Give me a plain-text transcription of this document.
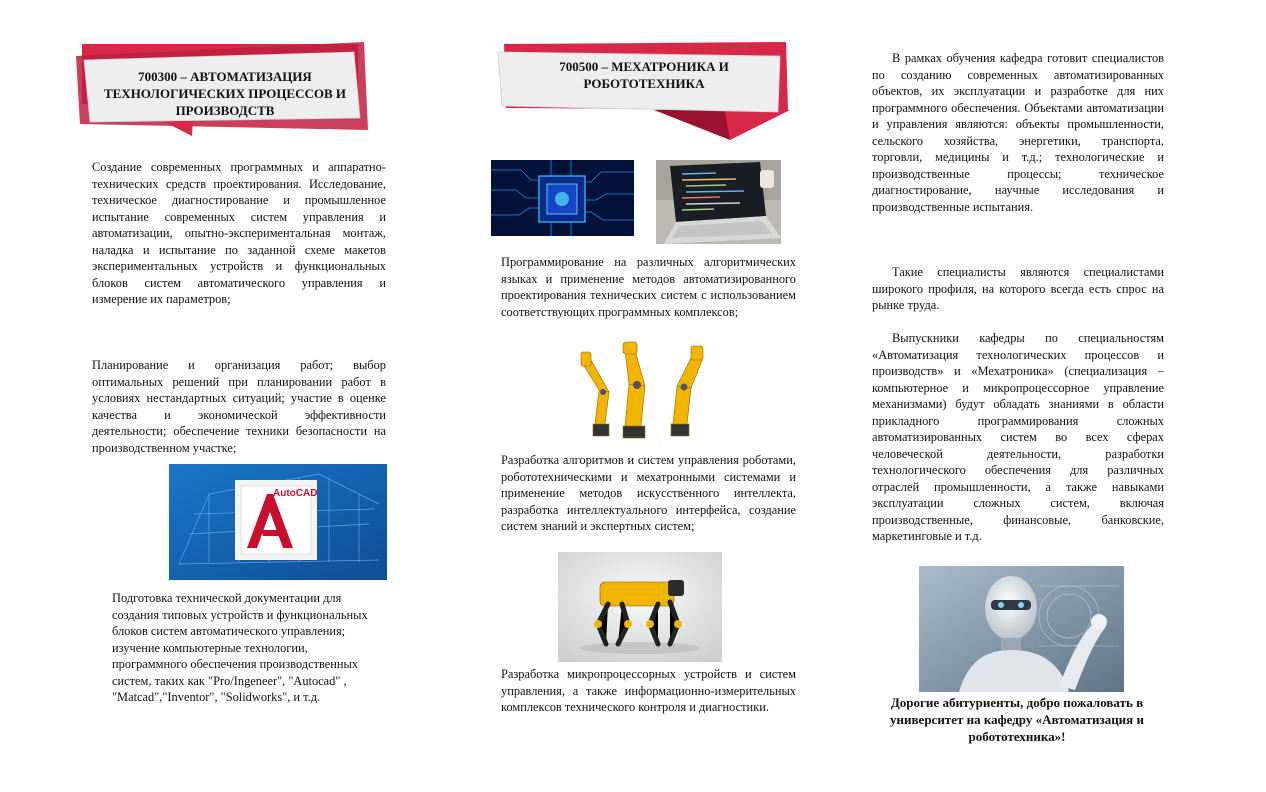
700300 – АВТОМАТИЗАЦИЯ ТЕХНОЛОГИЧЕСКИХ ПРОЦЕССОВ И ПРОИЗВОДСТВ

Создание современных программных и аппаратно-технических средств проектирования. Исследование, техническое диагностирование и промышленное испытание современных систем управления и автоматизации, опытно-экспериментальная монтаж, наладка и испытание по заданной схеме макетов экспериментальных устройств и функциональных блоков систем автоматического управления и измерение их параметров;

Планирование и организация работ; выбор оптимальных решений при планировании работ в условиях нестандартных ситуаций; участие в оценке качества и экономической эффективности деятельности; обеспечение техники безопасности на производственном участке;

AutoCAD

Подготовка технической документации для создания типовых устройств и функциональных блоков систем автоматического управления; изучение компьютерные технологии, программного обеспечения производственных систем, таких как "Pro/Ingeneer", "Autocad" , "Matcad","Inventor", "Solidworks", и т.д.

700500 – МЕХАТРОНИКА И РОБОТОТЕХНИКА

Программирование на различных алгоритмических языках и применение методов автоматизированного проектирования технических систем с использованием соответствующих программных комплексов;

Разработка алгоритмов и систем управления роботами, робототехническими и мехатронными системами и применение методов искусственного интеллекта, разработка интеллектуального интерфейса, создание систем знаний и экспертных систем;

Разработка микропроцессорных устройств и систем управления, а также информационно-измерительных комплексов технического контроля и диагностики.

В рамках обучения кафедра готовит специалистов по созданию современных автоматизированных объектов, их эксплуатации и разработке для них программного обеспечения. Объектами автоматизации и управления являются: объекты промышленности, сельского хозяйства, энергетики, транспорта, торговли, медицины и т.д.; технологические и производственные процессы; техническое диагностирование, научные исследования и производственные испытания.

Такие специалисты являются специалистами широкого профиля, на которого всегда есть спрос на рынке труда.

Выпускники кафедры по специальностям «Автоматизация технологических процессов и производств» и «Мехатроника» (специализация – компьютерное и микропроцессорное управление механизмами) будут обладать знаниями в области прикладного программирования сложных автоматизированных систем во всех сферах человеческой деятельности, разработки технологического обеспечения для различных отраслей промышленности, а также навыками эксплуатации сложных систем, включая производственные, финансовые, банковские, маркетинговые и т.д.

Дорогие абитуриенты, добро пожаловать в университет на кафедру «Автоматизация и робототехника»!
